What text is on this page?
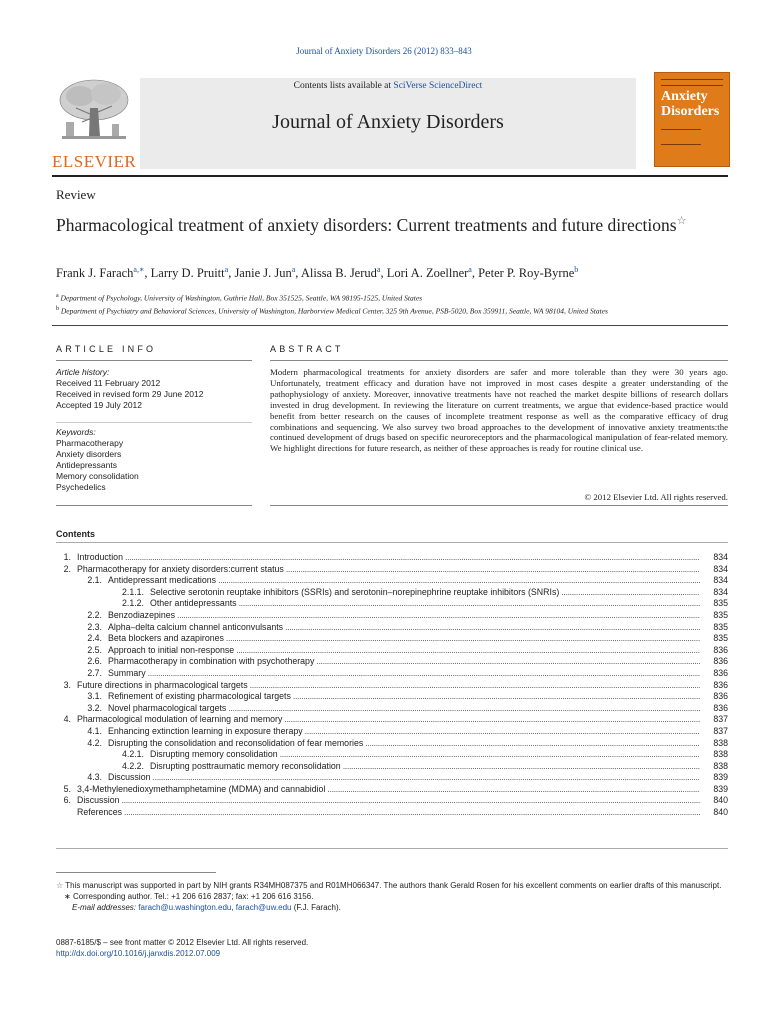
Journal of Anxiety Disorders 26 (2012) 833–843
ELSEVIER
Contents lists available at SciVerse ScienceDirect
Journal of Anxiety Disorders
Anxiety
Disorders
Review
Pharmacological treatment of anxiety disorders: Current treatments and future directions☆
Frank J. Farach$^{a,∗}$, Larry D. Pruitt$^a$, Janie J. Jun$^a$, Alissa B. Jerud$^a$, Lori A. Zoellner$^a$, Peter P. Roy-Byrne$^b$
$^a$ Department of Psychology, University of Washington, Guthrie Hall, Box 351525, Seattle, WA 98195-1525, United States
$^b$ Department of Psychiatry and Behavioral Sciences, University of Washington, Harborview Medical Center, 325 9th Avenue, PSB-5020, Box 359911, Seattle, WA 98104, United States
ARTICLE INFO	ABSTRACT
Article history:
Received 11 February 2012
Received in revised form 29 June 2012
Accepted 19 July 2012
Keywords:
Pharmacotherapy
Anxiety disorders
Antidepressants
Memory consolidation
Psychedelics
Modern pharmacological treatments for anxiety disorders are safer and more tolerable than they were 30 years ago. Unfortunately, treatment efficacy and duration have not improved in most cases despite a greater understanding of the pathophysiology of anxiety. Moreover, innovative treatments have not reached the market despite billions of research dollars invested in drug development. In reviewing the literature on current treatments, we argue that evidence-based practice would benefit from better research on the causes of incomplete treatment response as well as the comparative efficacy of drug combinations and sequencing. We also survey two broad approaches to the development of innovative anxiety treatments:the continued development of drugs based on specific neuroreceptors and the pharmacological manipulation of fear-related memory. We highlight directions for future research, as neither of these approaches is ready for routine clinical use.
© 2012 Elsevier Ltd. All rights reserved.
Contents
1. Introduction . . .	834
2. Pharmacotherapy for anxiety disorders:current status . . .	834
2.1. Antidepressant medications . . .	834
2.1.1. Selective serotonin reuptake inhibitors (SSRIs) and serotonin–norepinephrine reuptake inhibitors (SNRIs) . . .	834
2.1.2. Other antidepressants . . .	835
2.2. Benzodiazepines . . .	835
2.3. Alpha–delta calcium channel anticonvulsants . . .	835
2.4. Beta blockers and azapirones . . .	835
2.5. Approach to initial non-response . . .	836
2.6. Pharmacotherapy in combination with psychotherapy . . .	836
2.7. Summary . . .	836
3. Future directions in pharmacological targets . . .	836
3.1. Refinement of existing pharmacological targets . . .	836
3.2. Novel pharmacological targets . . .	836
4. Pharmacological modulation of learning and memory . . .	837
4.1. Enhancing extinction learning in exposure therapy . . .	837
4.2. Disrupting the consolidation and reconsolidation of fear memories . . .	838
4.2.1. Disrupting memory consolidation . . .	838
4.2.2. Disrupting posttraumatic memory reconsolidation . . .	838
4.3. Discussion . . .	839
5. 3,4-Methylenedioxymethamphetamine (MDMA) and cannabidiol . . .	839
6. Discussion . . .	840
References . . .	840
☆ This manuscript was supported in part by NIH grants R34MH087375 and R01MH066347. The authors thank Gerald Rosen for his excellent comments on earlier drafts of this manuscript.
∗ Corresponding author. Tel.: +1 206 616 2837; fax: +1 206 616 3156.
E-mail addresses: farach@u.washington.edu, farach@uw.edu (F.J. Farach).
0887-6185/$ – see front matter © 2012 Elsevier Ltd. All rights reserved.
http://dx.doi.org/10.1016/j.janxdis.2012.07.009
